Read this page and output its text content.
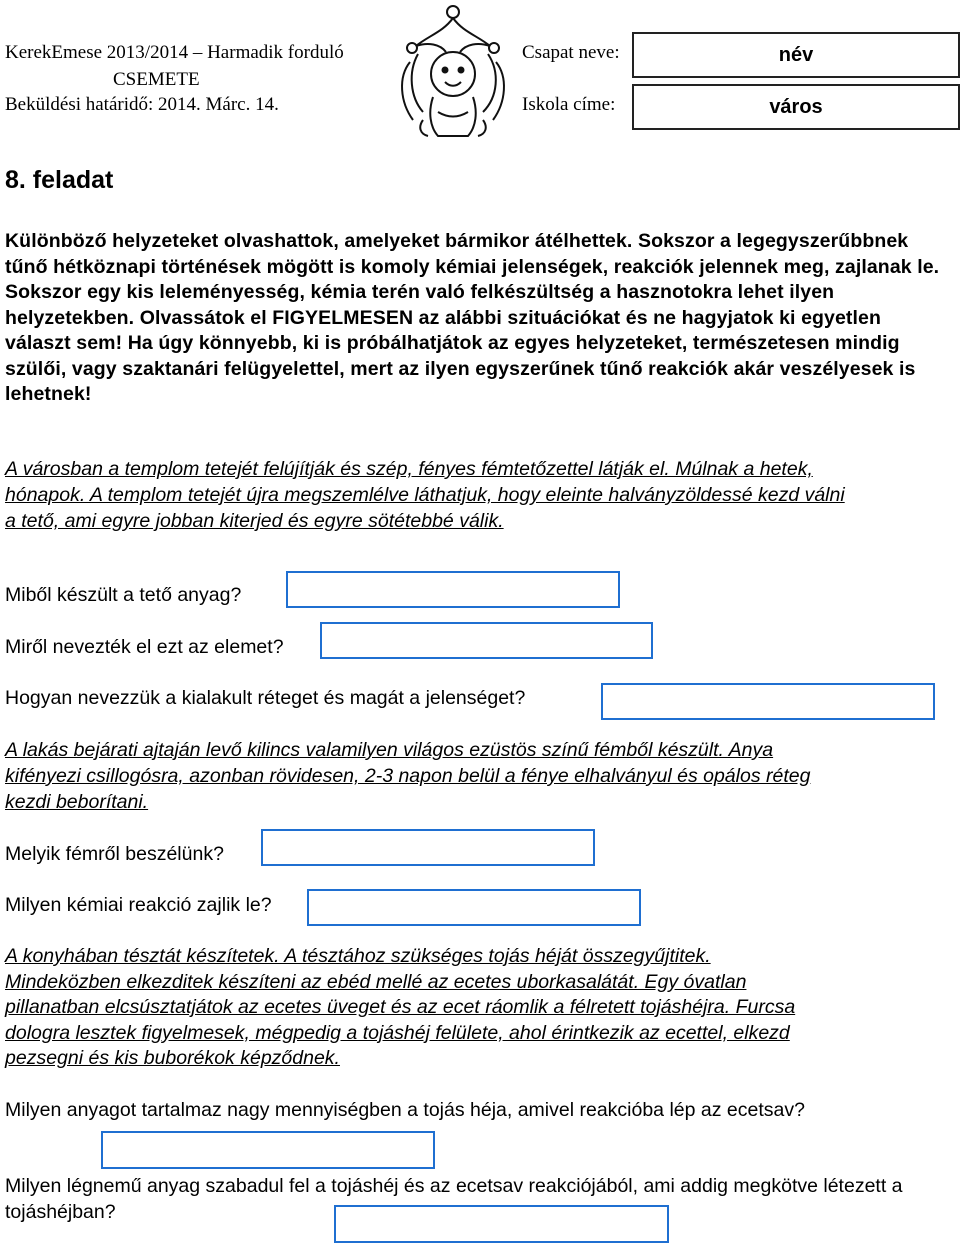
KerekEmese 2013/2014 – Harmadik forduló
CSEMETE
Beküldési határidő: 2014. Márc. 14.
Csapat neve:	név
Iskola címe:	város
8. feladat
Különböző helyzeteket olvashattok, amelyeket bármikor átélhettek. Sokszor a legegyszerűbbnek tűnő hétköznapi történések mögött is komoly kémiai jelenségek, reakciók jelennek meg, zajlanak le. Sokszor egy kis leleményesség, kémia terén való felkészültség a hasznotokra lehet ilyen helyzetekben. Olvassátok el FIGYELMESEN az alábbi szituációkat és ne hagyjatok ki egyetlen választ sem! Ha úgy könnyebb, ki is próbálhatjátok az egyes helyzeteket, természetesen mindig szülői, vagy szaktanári felügyelettel, mert az ilyen egyszerűnek tűnő reakciók akár veszélyesek is lehetnek!
A városban a templom tetejét felújítják és szép, fényes fémtetőzettel látják el. Múlnak a hetek, hónapok. A templom tetejét újra megszemlélve láthatjuk, hogy eleinte halványzöldessé kezd válni a tető, ami egyre jobban kiterjed és egyre sötétebbé válik.
Miből készült a tető anyag?
Miről nevezték el ezt az elemet?
Hogyan nevezzük a kialakult réteget és magát a jelenséget?
A lakás bejárati ajtaján levő kilincs valamilyen világos ezüstös színű fémből készült. Anya kifényezi csillogósra, azonban rövidesen, 2-3 napon belül a fénye elhalványul és opálos réteg kezdi beborítani.
Melyik fémről beszélünk?
Milyen kémiai reakció zajlik le?
A konyhában tésztát készítetek. A tésztához szükséges tojás héját összegyűjtitek. Mindeközben elkezditek készíteni az ebéd mellé az ecetes uborkasalátát. Egy óvatlan pillanatban elcsúsztatjátok az ecetes üveget és az ecet ráomlik a félretett tojáshéjra. Furcsa dologra lesztek figyelmesek, mégpedig a tojáshéj felülete, ahol érintkezik az ecettel, elkezd pezsegni és kis buborékok képződnek.
Milyen anyagot tartalmaz nagy mennyiségben a tojás héja, amivel reakcióba lép az ecetsav?
Milyen légnemű anyag szabadul fel a tojáshéj és az ecetsav reakciójából, ami addig megkötve létezett a tojáshéjban?
